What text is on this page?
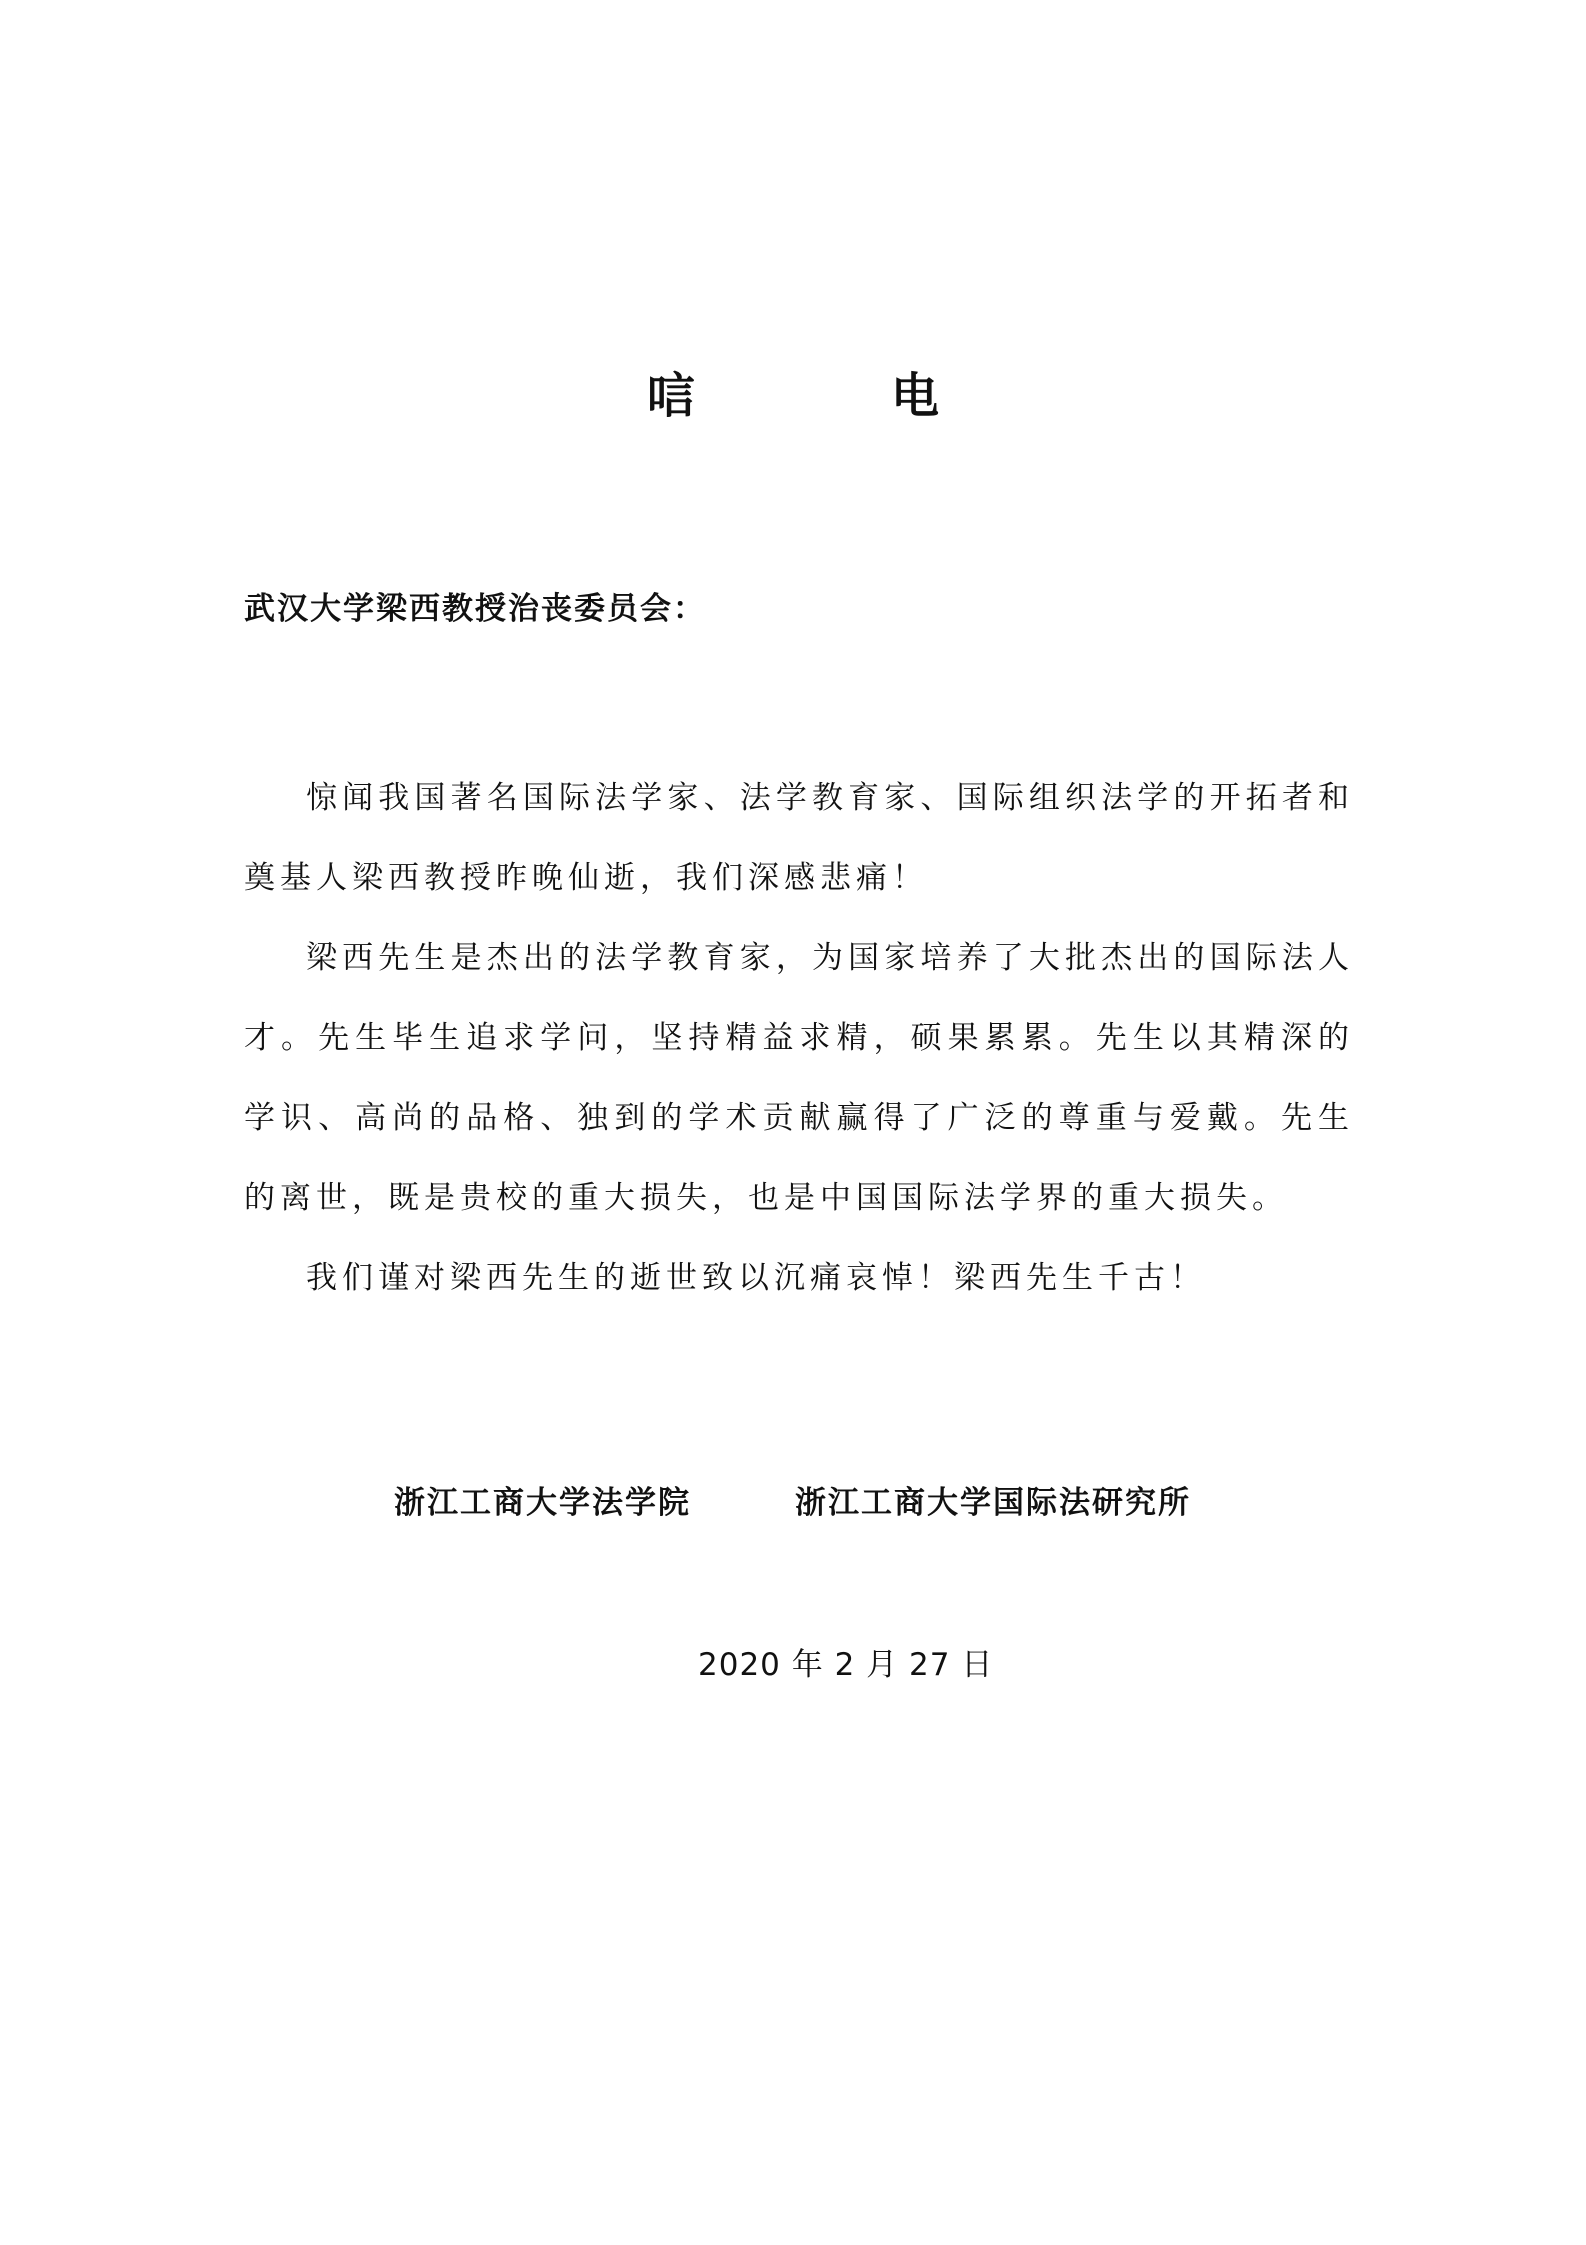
唁　电
武汉大学梁西教授治丧委员会：

惊闻我国著名国际法学家、法学教育家、国际组织法学的开拓者和奠基人梁西教授昨晚仙逝，我们深感悲痛！

梁西先生是杰出的法学教育家，为国家培养了大批杰出的国际法人才。先生毕生追求学问，坚持精益求精，硕果累累。先生以其精深的学识、高尚的品格、独到的学术贡献赢得了广泛的尊重与爱戴。先生的离世，既是贵校的重大损失，也是中国国际法学界的重大损失。

我们谨对梁西先生的逝世致以沉痛哀悼！梁西先生千古！

浙江工商大学法学院	浙江工商大学国际法研究所
2020 年 2 月 27 日
